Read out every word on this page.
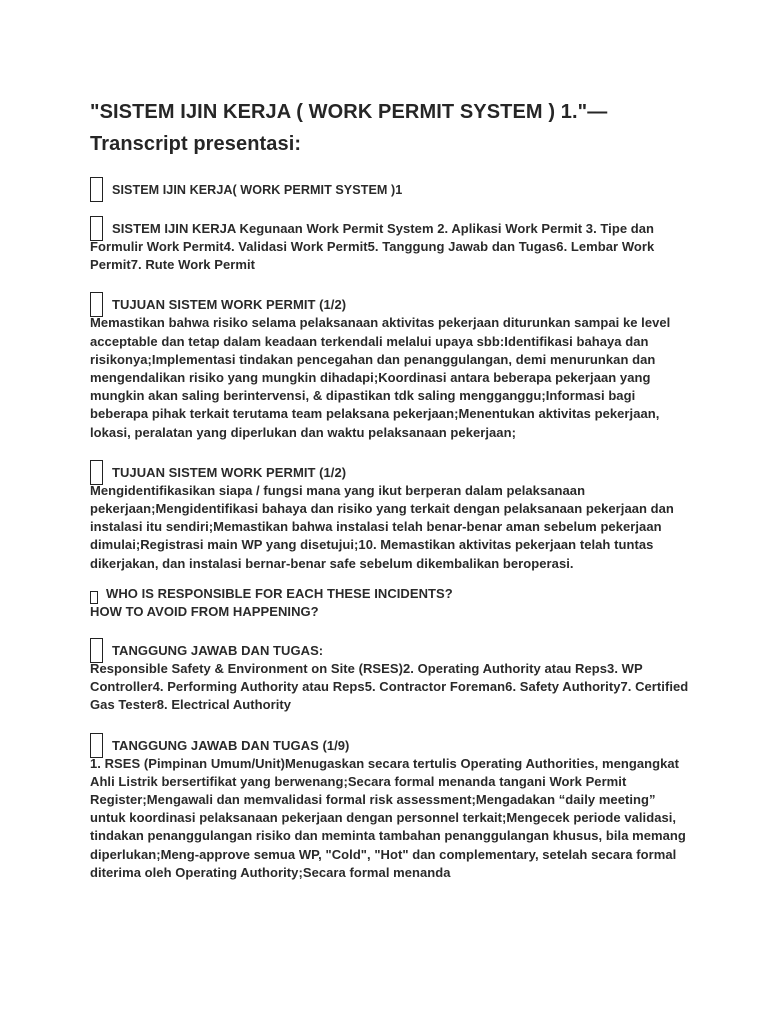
"SISTEM IJIN KERJA ( WORK PERMIT SYSTEM ) 1."—
Transcript presentasi:
SISTEM IJIN KERJA( WORK PERMIT SYSTEM )1
SISTEM IJIN KERJA Kegunaan Work Permit System 2. Aplikasi Work Permit 3. Tipe dan Formulir Work Permit4. Validasi Work Permit5. Tanggung Jawab dan Tugas6. Lembar Work Permit7. Rute Work Permit
TUJUAN SISTEM WORK PERMIT (1/2)
Memastikan bahwa risiko selama pelaksanaan aktivitas pekerjaan diturunkan sampai ke level acceptable dan tetap dalam keadaan terkendali melalui upaya sbb:Identifikasi bahaya dan risikonya;Implementasi tindakan pencegahan dan penanggulangan, demi menurunkan dan mengendalikan risiko yang mungkin dihadapi;Koordinasi antara beberapa pekerjaan yang mungkin akan saling berintervensi, & dipastikan tdk saling mengganggu;Informasi bagi beberapa pihak terkait terutama team pelaksana pekerjaan;Menentukan aktivitas pekerjaan, lokasi, peralatan yang diperlukan dan waktu pelaksanaan pekerjaan;
TUJUAN SISTEM WORK PERMIT (1/2)
Mengidentifikasikan siapa / fungsi mana yang ikut berperan dalam pelaksanaan pekerjaan;Mengidentifikasi bahaya dan risiko yang terkait dengan pelaksanaan pekerjaan dan instalasi itu sendiri;Memastikan bahwa instalasi telah benar-benar aman sebelum pekerjaan dimulai;Registrasi main WP yang disetujui;10. Memastikan aktivitas pekerjaan telah tuntas dikerjakan, dan instalasi bernar-benar safe sebelum dikembalikan beroperasi.
WHO IS RESPONSIBLE FOR EACH THESE INCIDENTS?
HOW TO AVOID FROM HAPPENING?
TANGGUNG JAWAB DAN TUGAS:
Responsible Safety & Environment on Site (RSES)2. Operating Authority atau Reps3. WP Controller4. Performing Authority atau Reps5. Contractor Foreman6. Safety Authority7. Certified Gas Tester8. Electrical Authority
TANGGUNG JAWAB DAN TUGAS (1/9)
1. RSES (Pimpinan Umum/Unit)Menugaskan secara tertulis Operating Authorities, mengangkat Ahli Listrik bersertifikat yang berwenang;Secara formal menanda tangani Work Permit Register;Mengawali dan memvalidasi formal risk assessment;Mengadakan “daily meeting” untuk koordinasi pelaksanaan pekerjaan dengan personnel terkait;Mengecek periode validasi, tindakan penanggulangan risiko dan meminta tambahan penanggulangan khusus, bila memang diperlukan;Meng-approve semua WP, "Cold", "Hot" dan complementary, setelah secara formal diterima oleh Operating Authority;Secara formal menanda
